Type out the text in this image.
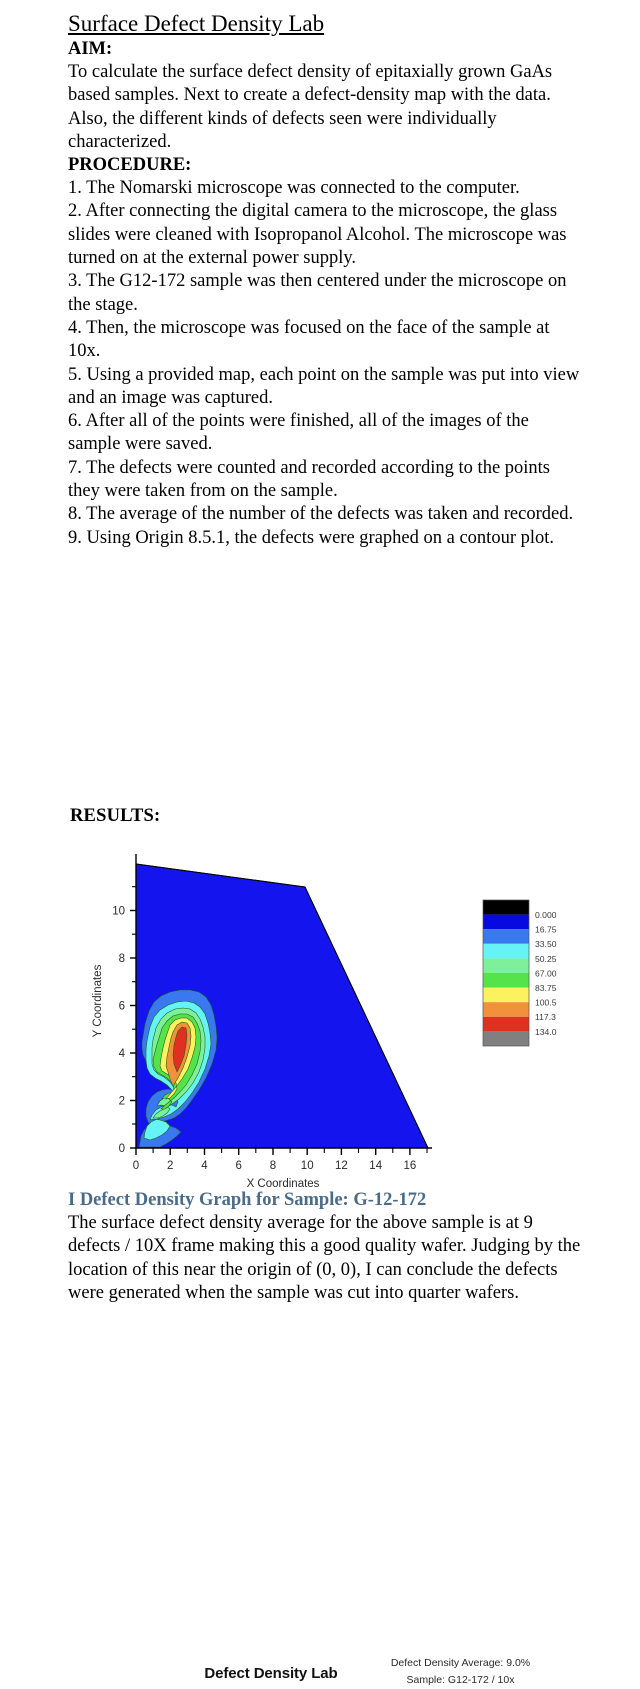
Surface Defect Density Lab
AIM:

To calculate the surface defect density of epitaxially grown GaAs based samples. Next to create a defect-density map with the data. Also, the different kinds of defects seen were individually characterized.

PROCEDURE:

1. The Nomarski microscope was connected to the computer.

2. After connecting the digital camera to the microscope, the glass slides were cleaned with Isopropanol Alcohol. The microscope was turned on at the external power supply.

3. The G12-172 sample was then centered under the microscope on the stage.

4. Then, the microscope was focused on the face of the sample at 10x.

5. Using a provided map, each point on the sample was put into view and an image was captured.

6. After all of the points were finished, all of the images of the sample were saved.

7. The defects were counted and recorded according to the points they were taken from on the sample.

8. The average of the number of the defects was taken and recorded.

9. Using Origin 8.5.1, the defects were graphed on a contour plot.

RESULTS:
Defect Density Lab
Defect Density Average: 9.0%
Sample: G12-172 / 10x
0
2
4
6
8
10
0 2 4 6 8 10 12 14 16
X Coordinates
Y Coordinates
0.000
16.75
33.50
50.25
67.00
83.75
100.5
117.3
134.0
I Defect Density Graph for Sample: G-12-172
The surface defect density average for the above sample is at 9 defects / 10X frame making this a good quality wafer. Judging by the location of this near the origin of (0, 0), I can conclude the defects were generated when the sample was cut into quarter wafers.
